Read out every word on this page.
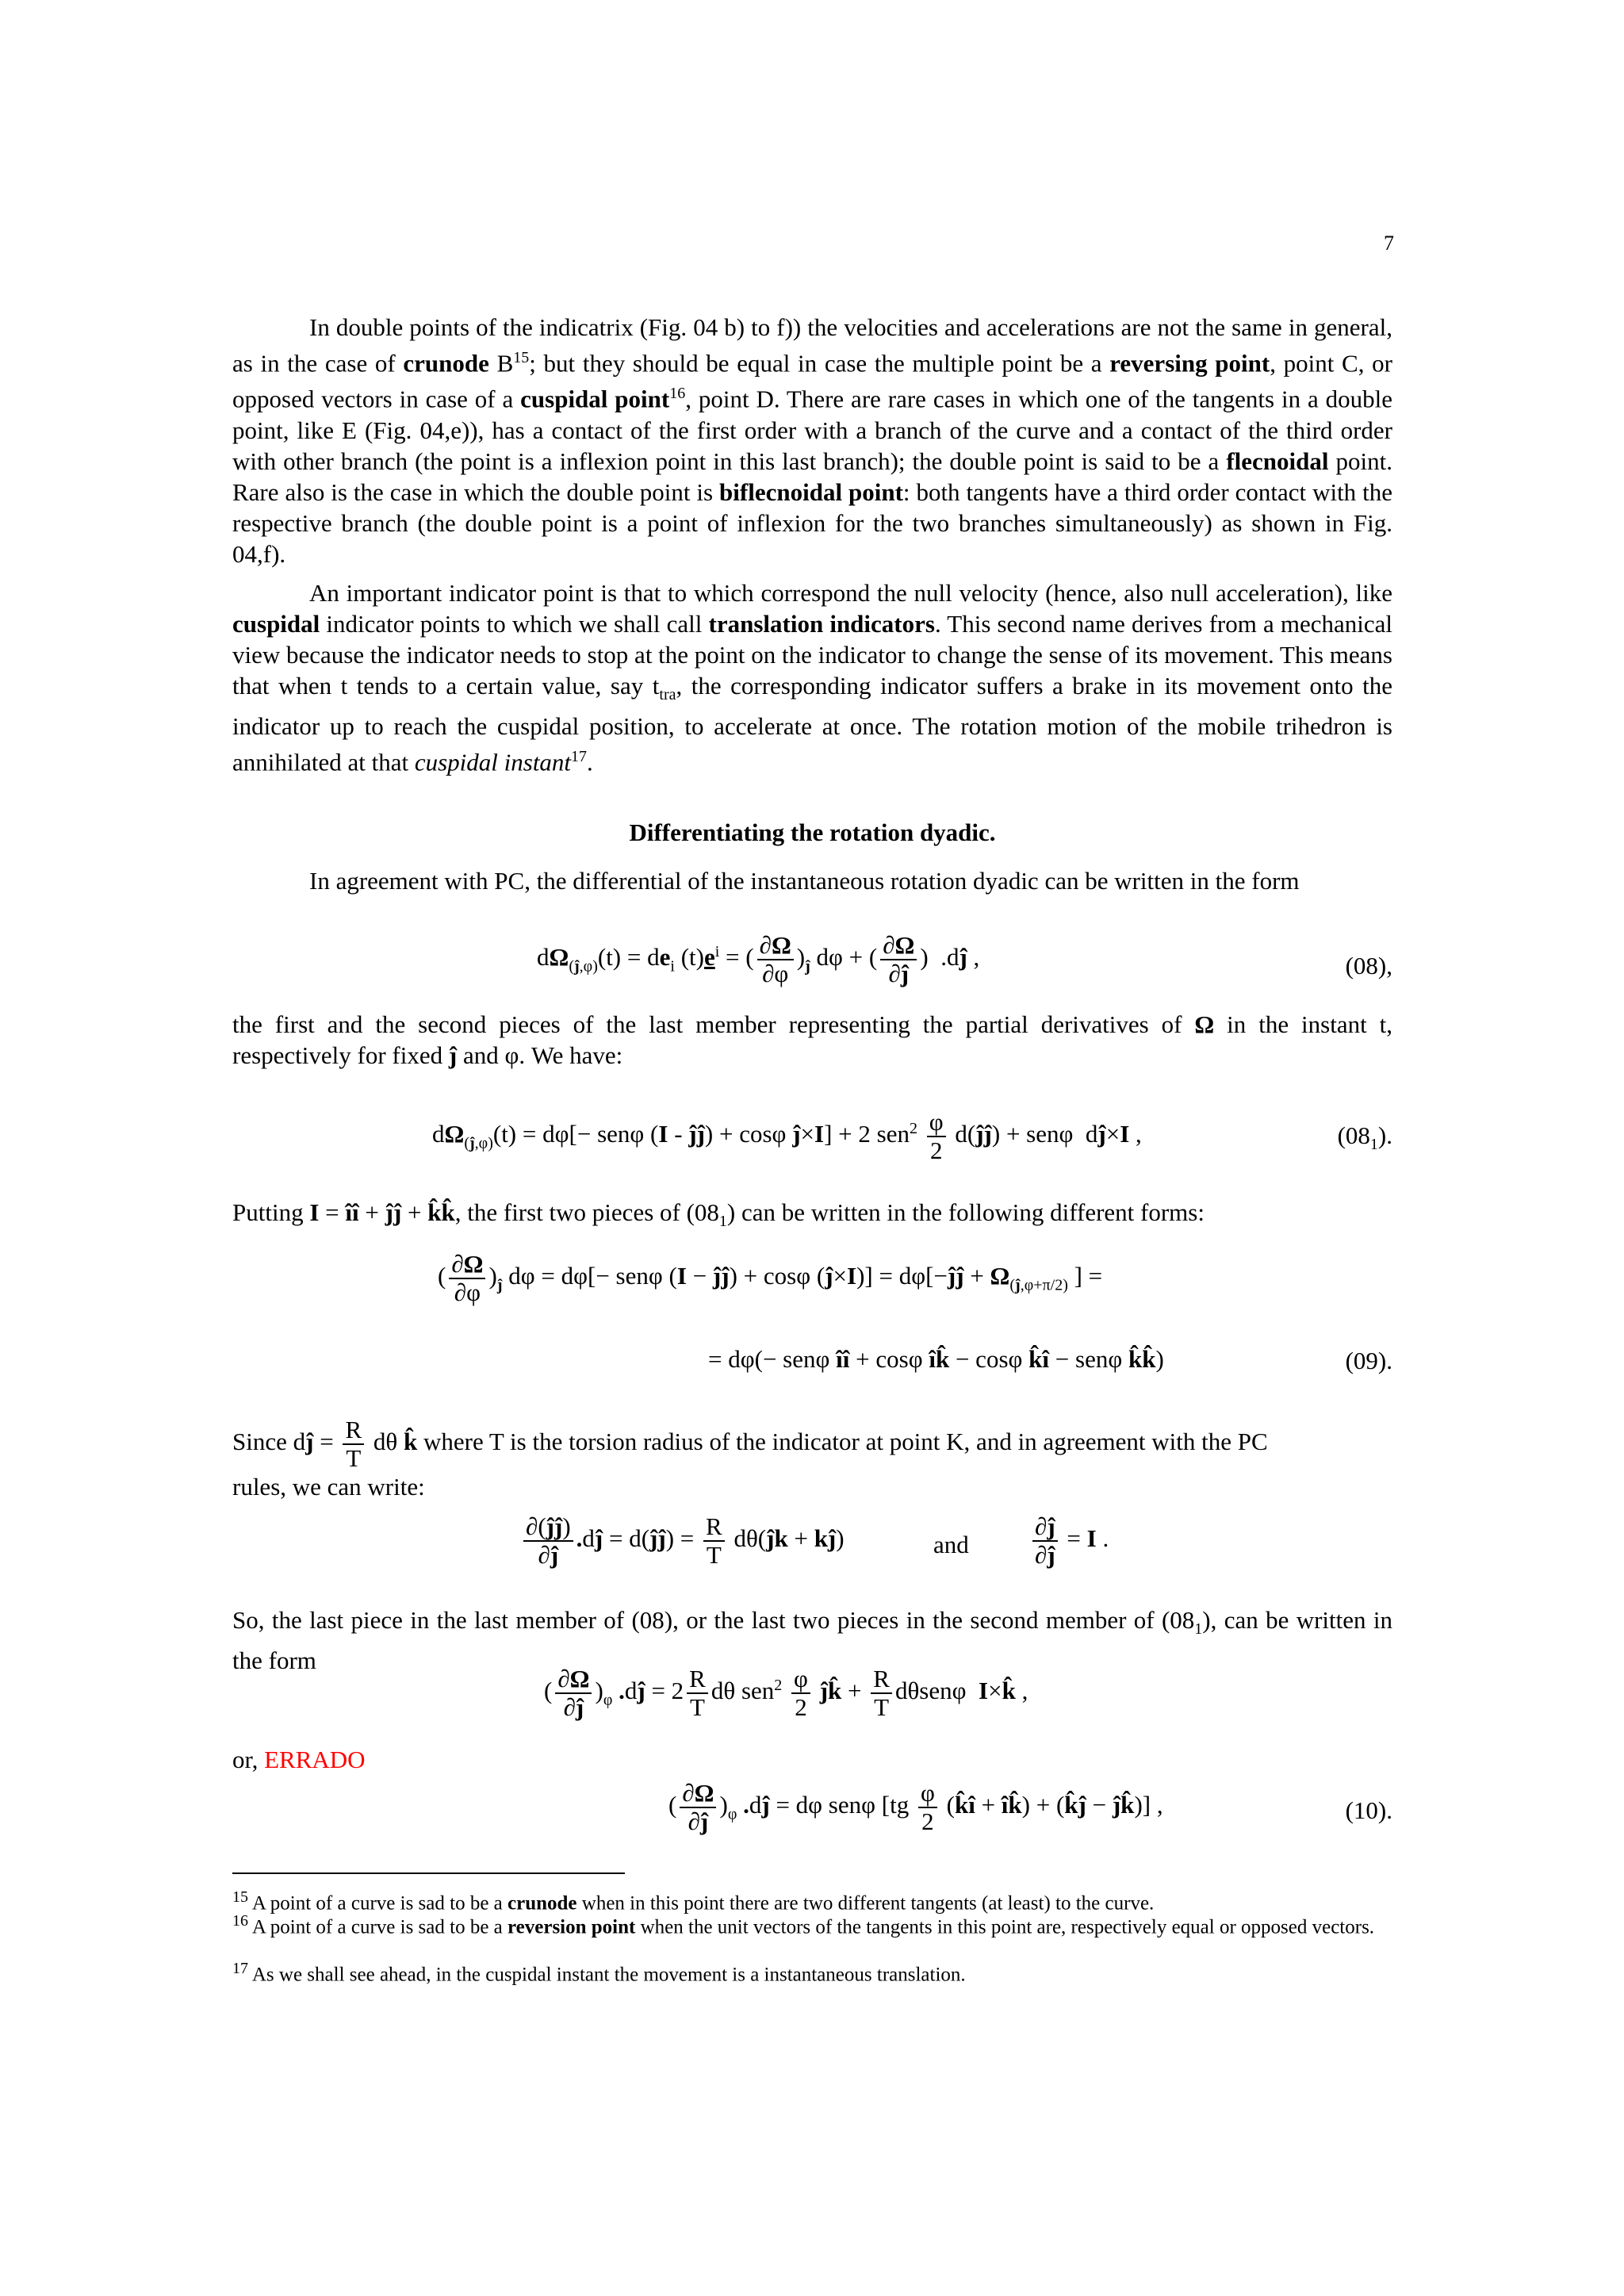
7
In double points of the indicatrix (Fig. 04 b) to f)) the velocities and accelerations are not the same in general, as in the case of crunode $B^{15}$; but they should be equal in case the multiple point be a reversing point, point C, or opposed vectors in case of a cuspidal point$^{16}$, point D. There are rare cases in which one of the tangents in a double point, like E (Fig. 04,e)), has a contact of the first order with a branch of the curve and a contact of the third order with other branch (the point is a inflexion point in this last branch); the double point is said to be a flecnoidal point. Rare also is the case in which the double point is biflecnoidal point: both tangents have a third order contact with the respective branch (the double point is a point of inflexion for the two branches simultaneously) as shown in Fig. 04,f).
An important indicator point is that to which correspond the null velocity (hence, also null acceleration), like cuspidal indicator points to which we shall call translation indicators. This second name derives from a mechanical view because the indicator needs to stop at the point on the indicator to change the sense of its movement. This means that when t tends to a certain value, say $t_{tra}$, the corresponding indicator suffers a brake in its movement onto the indicator up to reach the cuspidal position, to accelerate at once. The rotation motion of the mobile trihedron is annihilated at that cuspidal instant$^{17}$.
Differentiating the rotation dyadic.
In agreement with PC, the differential of the instantaneous rotation dyadic can be written in the form
$d\Omega_{(ĵ,\varphi)}(t) = de_i$ $(t)e^i$ = ( $\frac{\partial\Omega}{\partial\varphi} )_ĵ$ dφ + ( $\frac{\partial\Omega}{\partial ĵ}$ )  .dĵ ,	(08),
the first and the second pieces of the last member representing the partial derivatives of Ω in the instant t, respectively for fixed ĵ and φ. We have:
$d\Omega_{(ĵ,\varphi)}(t) = d\varphi[- sen\varphi$ (I - ĵĵ) + cosφ ĵ×I] + 2 $sen^2 \frac{\varphi}{2}$ d(ĵĵ) + senφ  dĵ×I ,	$(08_1)$.
Putting I = îî + ĵĵ + k̂k̂, the first two pieces of $(08_1)$ can be written in the following different forms:
( $\frac{\partial\Omega}{\partial\varphi} )_ĵ$ dφ = dφ[− senφ (I − ĵĵ) + cosφ (ĵ×I)] = dφ[−ĵĵ + $\Omega_{(ĵ,\varphi+\pi/2)}$ ] =
= dφ(− senφ îî + cosφ îk̂ − cosφ k̂î − senφ k̂k̂)	(09).
Since dĵ = $\frac{R}{T}$ dθ k̂ where T is the torsion radius of the indicator at point K, and in agreement with the PC
rules, we can write:
$\frac{\partial(ĵĵ)}{\partial ĵ}$ .dĵ = d(ĵĵ) = $\frac{R}{T}$ dθ(ĵk + kĵ)	and	$\frac{\partial ĵ}{\partial ĵ} = I$ .
So, the last piece in the last member of (08), or the last two pieces in the second member of $(08_1)$, can be written in the form
( $\frac{\partial\Omega}{\partial ĵ} )_\varphi$ .dĵ = $2 \frac{R}{T}$ dθ $sen^2 \frac{\varphi}{2}$ ĵk̂ + $\frac{R}{T}$ dθsenφ  I×k̂ ,
or, ERRADO
( $\frac{\partial\Omega}{\partial ĵ} )_\varphi$ .dĵ = dφ senφ [$tg \frac{\varphi}{2}$ (k̂î + îk̂) + (k̂ĵ − ĵk̂)] ,	(10).
$^{15}$ A point of a curve is sad to be a crunode when in this point there are two different tangents (at least) to the curve.
$^{16}$ A point of a curve is sad to be a reversion point when the unit vectors of the tangents in this point are, respectively equal or opposed vectors.
$^{17}$ As we shall see ahead, in the cuspidal instant the movement is a instantaneous translation.
